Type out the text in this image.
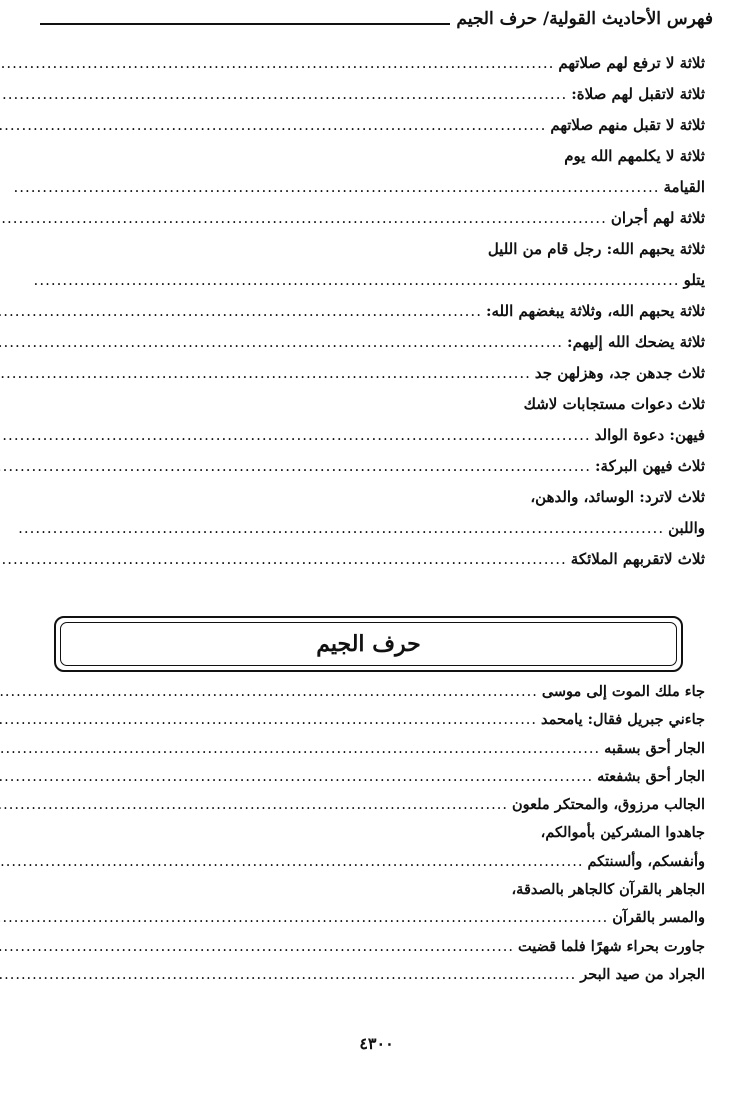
فهرس الأحاديث القولية/ حرف الجيم
ثلاثة لا ترفع لهم صلاتهم
.....
ثلاثة لاتقبل لهم صلاة:
.....
ثلاثة لا تقبل منهم صلاتهم
.....
ثلاثة لا يكلمهم الله يوم
القيامة
.....
ثلاثة لهم أجران
.....
ثلاثة يحبهم الله: رجل قام من الليل
يتلو
.....
ثلاثة يحبهم الله، وثلاثة يبغضهم الله:
.....
ثلاثة يضحك الله إليهم:
.....
ثلاث جدهن جد، وهزلهن جد
.....
ثلاث دعوات مستجابات لاشك
فيهن: دعوة الوالد
.....
ثلاث فيهن البركة:
.....
ثلاث لاترد: الوسائد، والدهن،
واللبن
.....
ثلاث لاتقربهم الملائكة
.....
حرف الجيم
جاء ملك الموت إلى موسى
.....
جاءني جبريل فقال: يامحمد
.....
الجار أحق بسقبه
.....
الجار أحق بشفعته
.....
الجالب مرزوق، والمحتكر ملعون
.....
جاهدوا المشركين بأموالكم،
وأنفسكم، وألسنتكم
.....
الجاهر بالقرآن كالجاهر بالصدقة،
والمسر بالقرآن
.....
جاورت بحراء شهرًا فلما قضيت
.....
الجراد من صيد البحر
.....
٤٣٠٠
